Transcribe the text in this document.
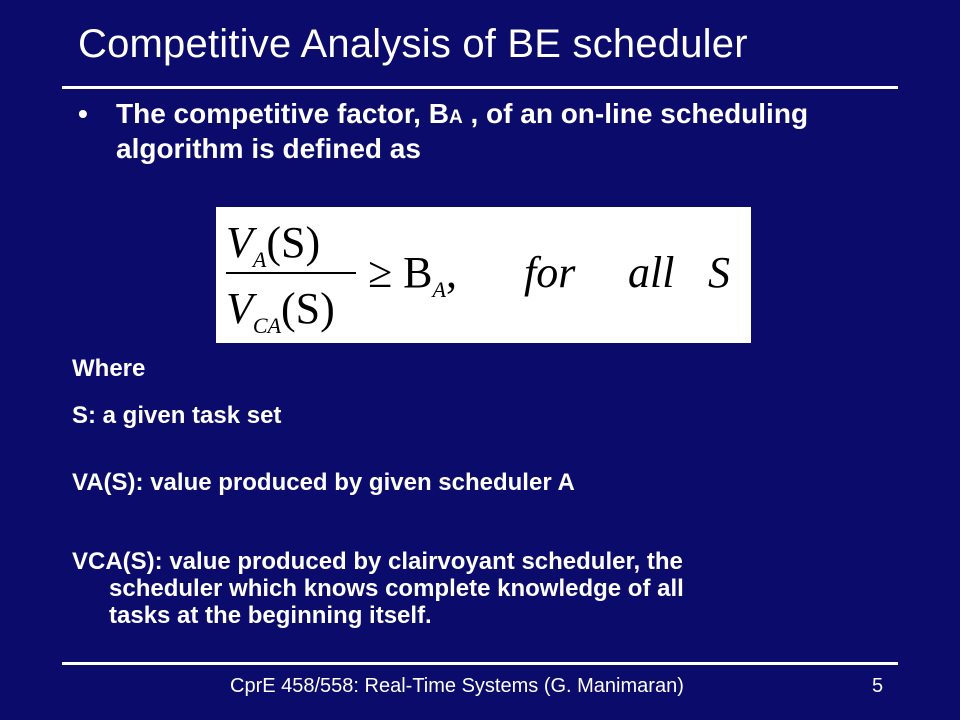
Competitive Analysis of BE scheduler
• The competitive factor, BA , of an on-line scheduling algorithm is defined as
$V_A(S)$
$V_{CA}(S)$
≥ $B_A$, for all S
Where
S: a given task set
VA(S): value produced by given scheduler A
VCA(S): value produced by clairvoyant scheduler, the
scheduler which knows complete knowledge of all
tasks at the beginning itself.
CprE 458/558: Real-Time Systems (G. Manimaran)	5
